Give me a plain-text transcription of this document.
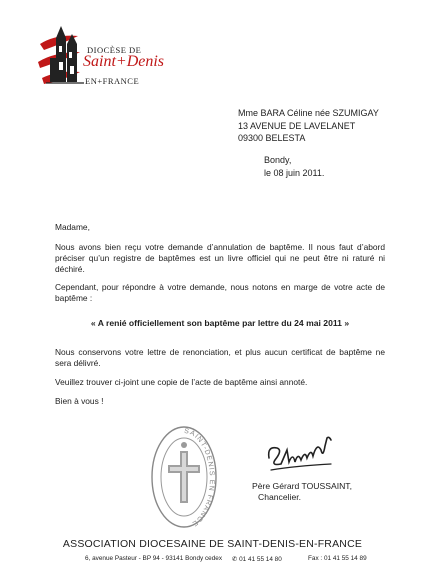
DIOCÈSE DE
Saint+Denis
EN+FRANCE
Mme BARA Céline née SZUMIGAY
13 AVENUE DE LAVELANET
09300 BELESTA
Bondy,
le 08 juin 2011.

Madame,

Nous avons bien reçu votre demande d’annulation de baptême. Il nous faut d’abord préciser qu’un registre de baptêmes est un livre officiel qui ne peut être ni raturé ni déchiré.

Cependant, pour répondre à votre demande, nous notons en marge de votre acte de baptême :

« A renié officiellement son baptême par lettre du 24 mai 2011 »

Nous conservons votre lettre de renonciation, et plus aucun certificat de baptême ne sera délivré.

Veuillez trouver ci-joint une copie de l’acte de baptême ainsi annoté.

Bien à vous !

SAINT-DENIS EN FRANCE
Père Gérard TOUSSAINT,
Chancelier.
ASSOCIATION DIOCESAINE DE SAINT-DENIS-EN-FRANCE
6, avenue Pasteur - BP 94 - 93141 Bondy cedex ✆ 01 41 55 14 80	Fax : 01 41 55 14 89
